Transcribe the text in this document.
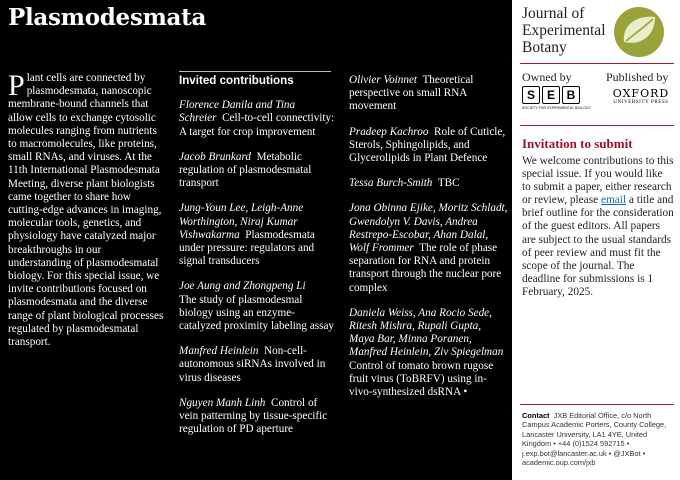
Plasmodesmata
Plant cells are connected by plasmodesmata, nanoscopic membrane-bound channels that allow cells to exchange cytosolic molecules ranging from nutrients to macromolecules, like proteins, small RNAs, and viruses. At the 11th International Plasmodesmata Meeting, diverse plant biologists came together to share how cutting-edge advances in imaging, molecular tools, genetics, and physiology have catalyzed major breakthroughs in our understanding of plasmodesmatal biology. For this special issue, we invite contributions focused on plasmodesmata and the diverse range of plant biological processes regulated by plasmodesmatal transport.
Invited contributions
Florence Danila and Tina Schreier Cell-to-cell connectivity: A target for crop improvement
Jacob Brunkard Metabolic regulation of plasmodesmatal transport
Jung-Youn Lee, Leigh-Anne Worthington, Niraj Kumar Vishwakarma Plasmodesmata under pressure: regulators and signal transducers
Joe Aung and Zhongpeng Li
The study of plasmodesmal biology using an enzyme-catalyzed proximity labeling assay
Manfred Heinlein Non-cell-autonomous siRNAs involved in virus diseases
Nguyen Manh Linh Control of vein patterning by tissue-specific regulation of PD aperture
Olivier Voinnet Theoretical perspective on small RNA movement
Pradeep Kachroo Role of Cuticle, Sterols, Sphingolipids, and Glycerolipids in Plant Defence
Tessa Burch-Smith TBC
Jona Obinna Ejike, Moritz Schladt, Gwendolyn V. Davis, Andrea Restrepo-Escobar, Ahan Dalal, Wolf Frommer The role of phase separation for RNA and protein transport through the nuclear pore complex
Daniela Weiss, Ana Rocio Sede, Ritesh Mishra, Rupali Gupta, Maya Bar, Minna Poranen, Manfred Heinlein, Ziv Spiegelman
Control of tomato brown rugose fruit virus (ToBRFV) using in-vivo-synthesized dsRNA •
Journal of Experimental Botany
Owned by	Published by
S E B
SOCIETY FOR EXPERIMENTAL BIOLOGY
OXFORD
UNIVERSITY PRESS
Invitation to submit
We welcome contributions to this special issue. If you would like to submit a paper, either research or review, please email a title and brief outline for the consideration of the guest editors. All papers are subject to the usual standards of peer review and must fit the scope of the journal. The deadline for submissions is 1 February, 2025.
Contact JXB Editorial Office, c/o North Campus Academic Porters, County College, Lancaster University, LA1 4YE, United Kingdom • +44 (0)1524 592715 • j.exp.bot@lancaster.ac.uk • @JXBot • academic.oup.com/jxb
